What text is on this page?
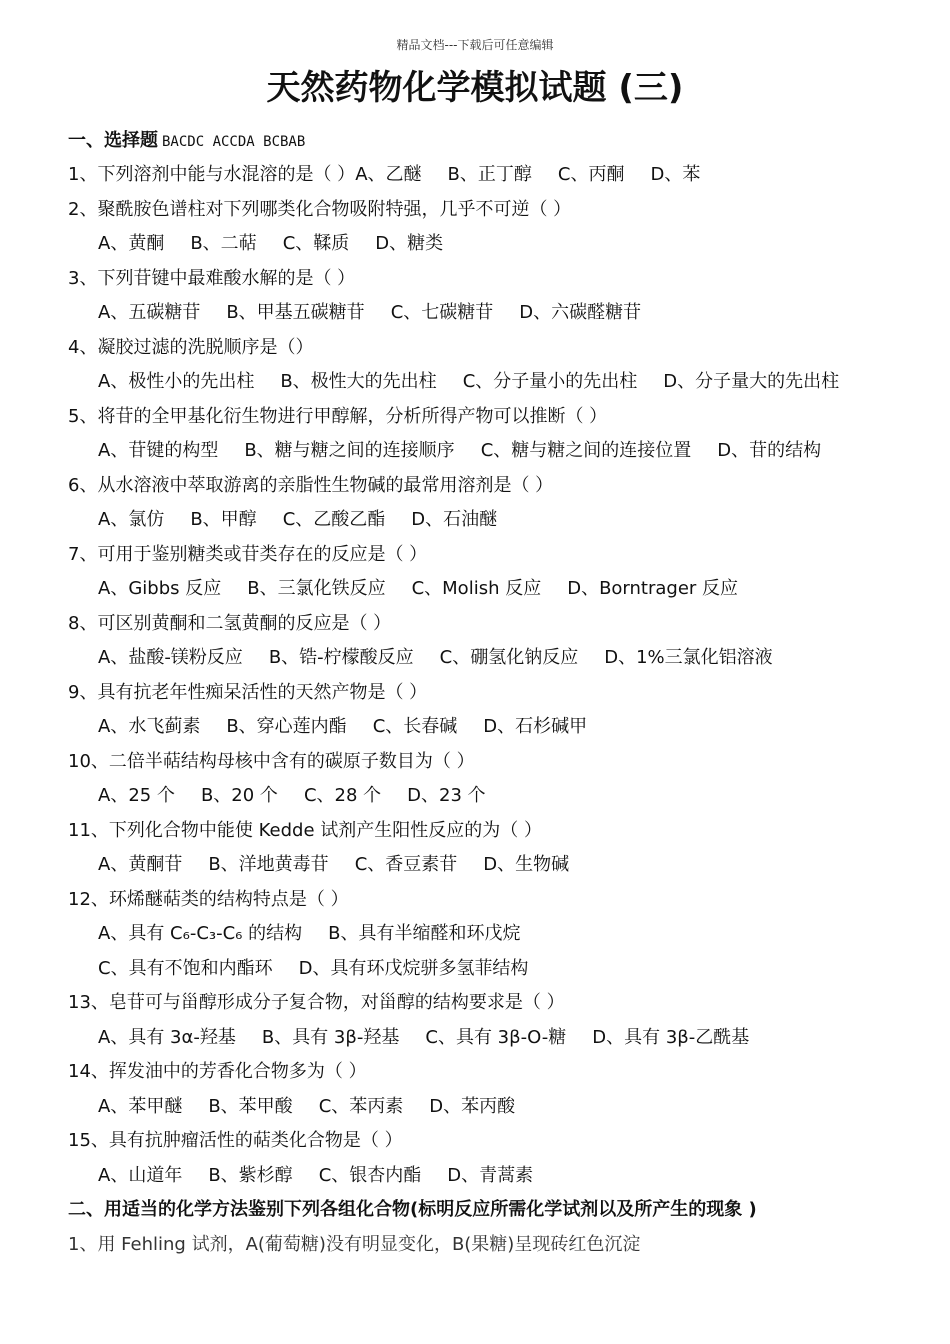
精品文档---下载后可任意编辑
天然药物化学模拟试题 (三)
一、选择题 BACDC ACCDA BCBAB
1、下列溶剂中能与水混溶的是（ ）A、乙醚 B、正丁醇 C、丙酮 D、苯
2、聚酰胺色谱柱对下列哪类化合物吸附特强，几乎不可逆（ ）
A、黄酮 B、二萜 C、鞣质 D、糖类
3、下列苷键中最难酸水解的是（ ）
A、五碳糖苷 B、甲基五碳糖苷 C、七碳糖苷 D、六碳醛糖苷
4、凝胶过滤的洗脱顺序是（）
A、极性小的先出柱 B、极性大的先出柱 C、分子量小的先出柱 D、分子量大的先出柱
5、将苷的全甲基化衍生物进行甲醇解，分析所得产物可以推断（ ）
A、苷键的构型 B、糖与糖之间的连接顺序 C、糖与糖之间的连接位置 D、苷的结构
6、从水溶液中萃取游离的亲脂性生物碱的最常用溶剂是（ ）
A、氯仿 B、甲醇 C、乙酸乙酯 D、石油醚
7、可用于鉴别糖类或苷类存在的反应是（ ）
A、Gibbs 反应 B、三氯化铁反应 C、Molish 反应 D、Borntrager 反应
8、可区别黄酮和二氢黄酮的反应是（ ）
A、盐酸-镁粉反应 B、锆-柠檬酸反应 C、硼氢化钠反应 D、1%三氯化铝溶液
9、具有抗老年性痴呆活性的天然产物是（ ）
A、水飞蓟素 B、穿心莲内酯 C、长春碱 D、石杉碱甲
10、二倍半萜结构母核中含有的碳原子数目为（ ）
A、25 个 B、20 个 C、28 个 D、23 个
11、下列化合物中能使 Kedde 试剂产生阳性反应的为（ ）
A、黄酮苷 B、洋地黄毒苷 C、香豆素苷 D、生物碱
12、环烯醚萜类的结构特点是（ ）
A、具有 C₆-C₃-C₆ 的结构 B、具有半缩醛和环戊烷
C、具有不饱和内酯环 D、具有环戊烷骈多氢菲结构
13、皂苷可与甾醇形成分子复合物，对甾醇的结构要求是（ ）
A、具有 3α-羟基 B、具有 3β-羟基 C、具有 3β-O-糖 D、具有 3β-乙酰基
14、挥发油中的芳香化合物多为（ ）
A、苯甲醚 B、苯甲酸 C、苯丙素 D、苯丙酸
15、具有抗肿瘤活性的萜类化合物是（ ）
A、山道年 B、紫杉醇 C、银杏内酯 D、青蒿素
二、用适当的化学方法鉴别下列各组化合物(标明反应所需化学试剂以及所产生的现象 )
1、用 Fehling 试剂，A(葡萄糖)没有明显变化，B(果糖)呈现砖红色沉淀
